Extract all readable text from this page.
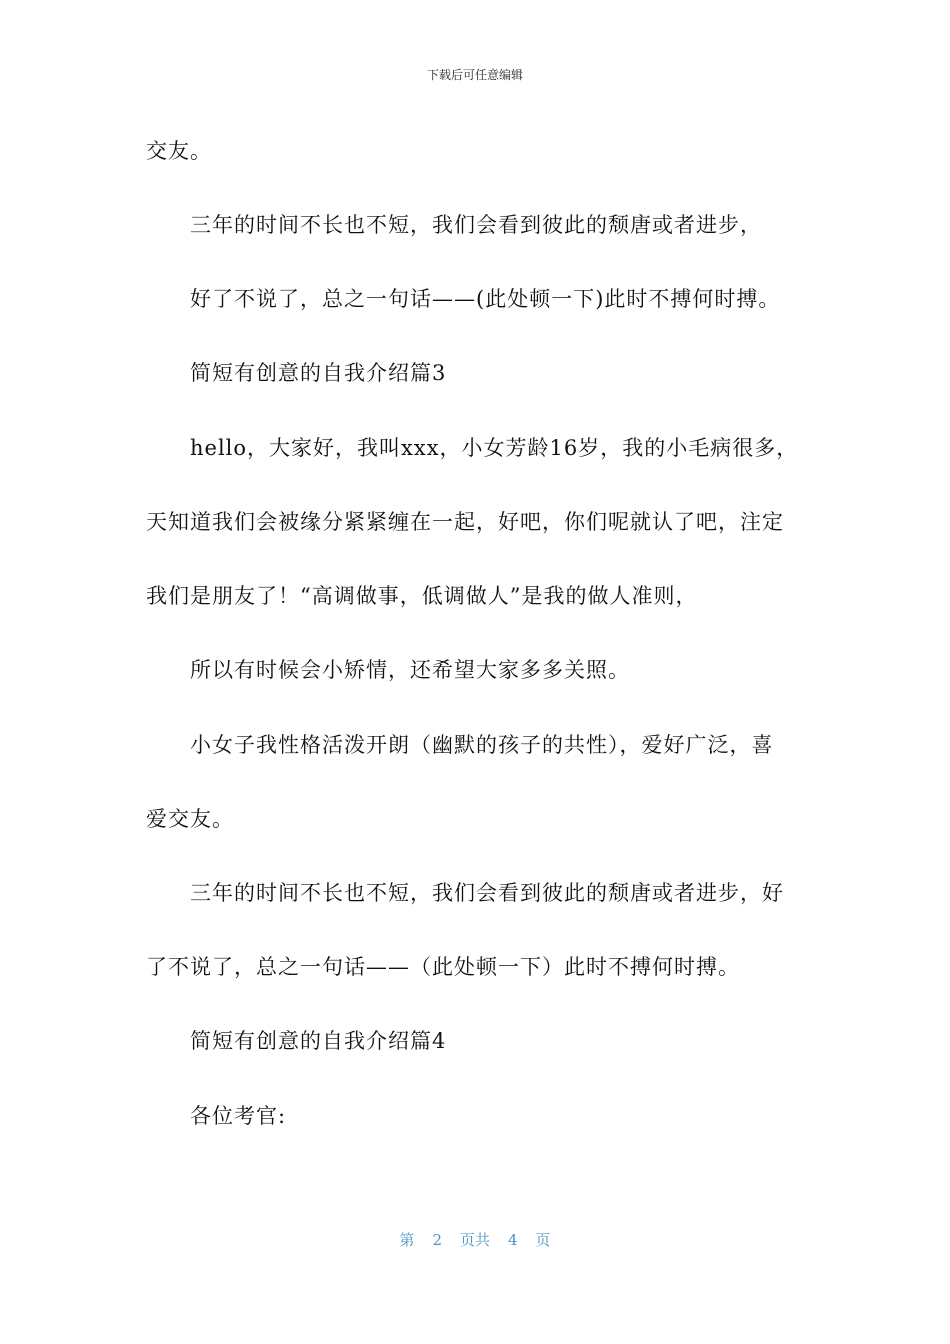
下载后可任意编辑
交友。
三年的时间不长也不短，我们会看到彼此的颓唐或者进步，
好了不说了，总之一句话——(此处顿一下)此时不搏何时搏。
简短有创意的自我介绍篇3
hello，大家好，我叫xxx，小女芳龄16岁，我的小毛病很多，
天知道我们会被缘分紧紧缠在一起，好吧，你们呢就认了吧，注定
我们是朋友了！“高调做事，低调做人”是我的做人准则，
所以有时候会小矫情，还希望大家多多关照。
小女子我性格活泼开朗（幽默的孩子的共性），爱好广泛，喜
爱交友。
三年的时间不长也不短，我们会看到彼此的颓唐或者进步，好
了不说了，总之一句话——（此处顿一下）此时不搏何时搏。
简短有创意的自我介绍篇4
各位考官:
第 2 页共 4 页
